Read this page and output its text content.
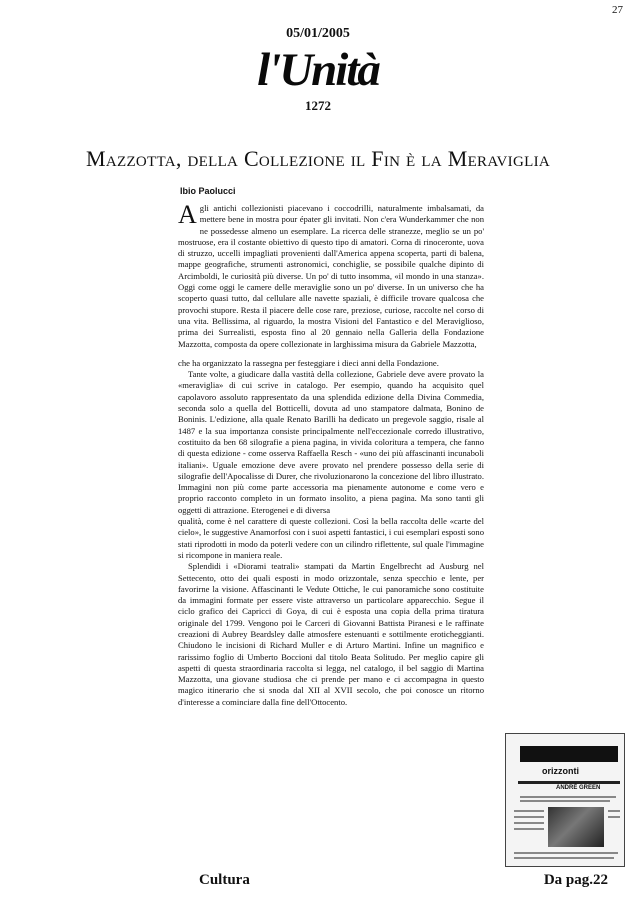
27
05/01/2005
l'Unità
1272
Mazzotta, della Collezione il Fin è la Meraviglia
Ibio Paolucci

Agli antichi collezionisti piacevano i coccodrilli, naturalmente imbalsamati, da mettere bene in mostra pour épater gli invitati. Non c'era Wunderkammer che non ne possedesse almeno un esemplare. La ricerca delle stranezze, meglio se un po' mostruose, era il costante obiettivo di questo tipo di amatori. Corna di rinoceronte, uova di struzzo, uccelli impagliati provenienti dall'America appena scoperta, parti di balena, mappe geografiche, strumenti astronomici, conchiglie, se possibile qualche dipinto di Arcimboldi, le curiosità più diverse. Un po' di tutto insomma, «il mondo in una stanza». Oggi come oggi le camere delle meraviglie sono un po' diverse. In un universo che ha scoperto quasi tutto, dal cellulare alle navette spaziali, è difficile trovare qualcosa che provochi stupore. Resta il piacere delle cose rare, preziose, curiose, raccolte nel corso di una vita. Bellissima, al riguardo, la mostra Visioni del Fantastico e del Meraviglioso, prima dei Surrealisti, esposta fino al 20 gennaio nella Galleria della Fondazione Mazzotta, composta da opere collezionate in larghissima misura da Gabriele Mazzotta,

che ha organizzato la rassegna per festeggiare i dieci anni della Fondazione.

Tante volte, a giudicare dalla vastità della collezione, Gabriele deve avere provato la «meraviglia» di cui scrive in catalogo. Per esempio, quando ha acquisito quel capolavoro assoluto rappresentato da una splendida edizione della Divina Commedia, seconda solo a quella del Botticelli, dovuta ad uno stampatore dalmata, Bonino de Boninis. L'edizione, alla quale Renato Barilli ha dedicato un pregevole saggio, risale al 1487 e la sua importanza consiste principalmente nell'eccezionale corredo illustrativo, costituito da ben 68 silografie a piena pagina, in vivida coloritura a tempera, che fanno di questa edizione - come osserva Raffaella Resch - «uno dei più affascinanti incunaboli italiani». Uguale emozione deve avere provato nel prendere possesso della serie di silografie dell'Apocalisse di Durer, che rivoluzionarono la concezione del libro illustrato. Immagini non più come parte accessoria ma pienamente autonome e come vero e proprio racconto completo in un formato insolito, a piena pagina. Ma sono tanti gli oggetti di attrazione. Eterogenei e di diversa

qualità, come è nel carattere di queste collezioni. Così la bella raccolta delle «carte del cielo», le suggestive Anamorfosi con i suoi aspetti fantastici, i cui esemplari esposti sono stati riprodotti in modo da poterli vedere con un cilindro riflettente, sul quale l'immagine si ricompone in maniera reale.

Splendidi i «Diorami teatrali» stampati da Martin Engelbrecht ad Ausburg nel Settecento, otto dei quali esposti in modo orizzontale, senza specchio e lente, per favorirne la visione. Affascinanti le Vedute Ottiche, le cui panoramiche sono costituite da immagini formate per essere viste attraverso un particolare apparecchio. Segue il ciclo grafico dei Capricci di Goya, di cui è esposta una copia della prima tiratura originale del 1799. Vengono poi le Carceri di Giovanni Battista Piranesi e le raffinate creazioni di Aubrey Beardsley dalle atmosfere estenuanti e sottilmente eroticheggianti. Chiudono le incisioni di Richard Muller e di Arturo Martini. Infine un magnifico e rarissimo foglio di Umberto Boccioni dal titolo Beata Solitudo. Per meglio capire gli aspetti di questa straordinaria raccolta si legga, nel catalogo, il bel saggio di Martina Mazzotta, una giovane studiosa che ci prende per mano e ci accompagna in questo magico itinerario che si snoda dal XII al XVII secolo, che poi conosce un ritorno d'interesse a cominciare dalla fine dell'Ottocento.

orizzonti
ANDRÉ GREEN
Cultura	Da pag.22
